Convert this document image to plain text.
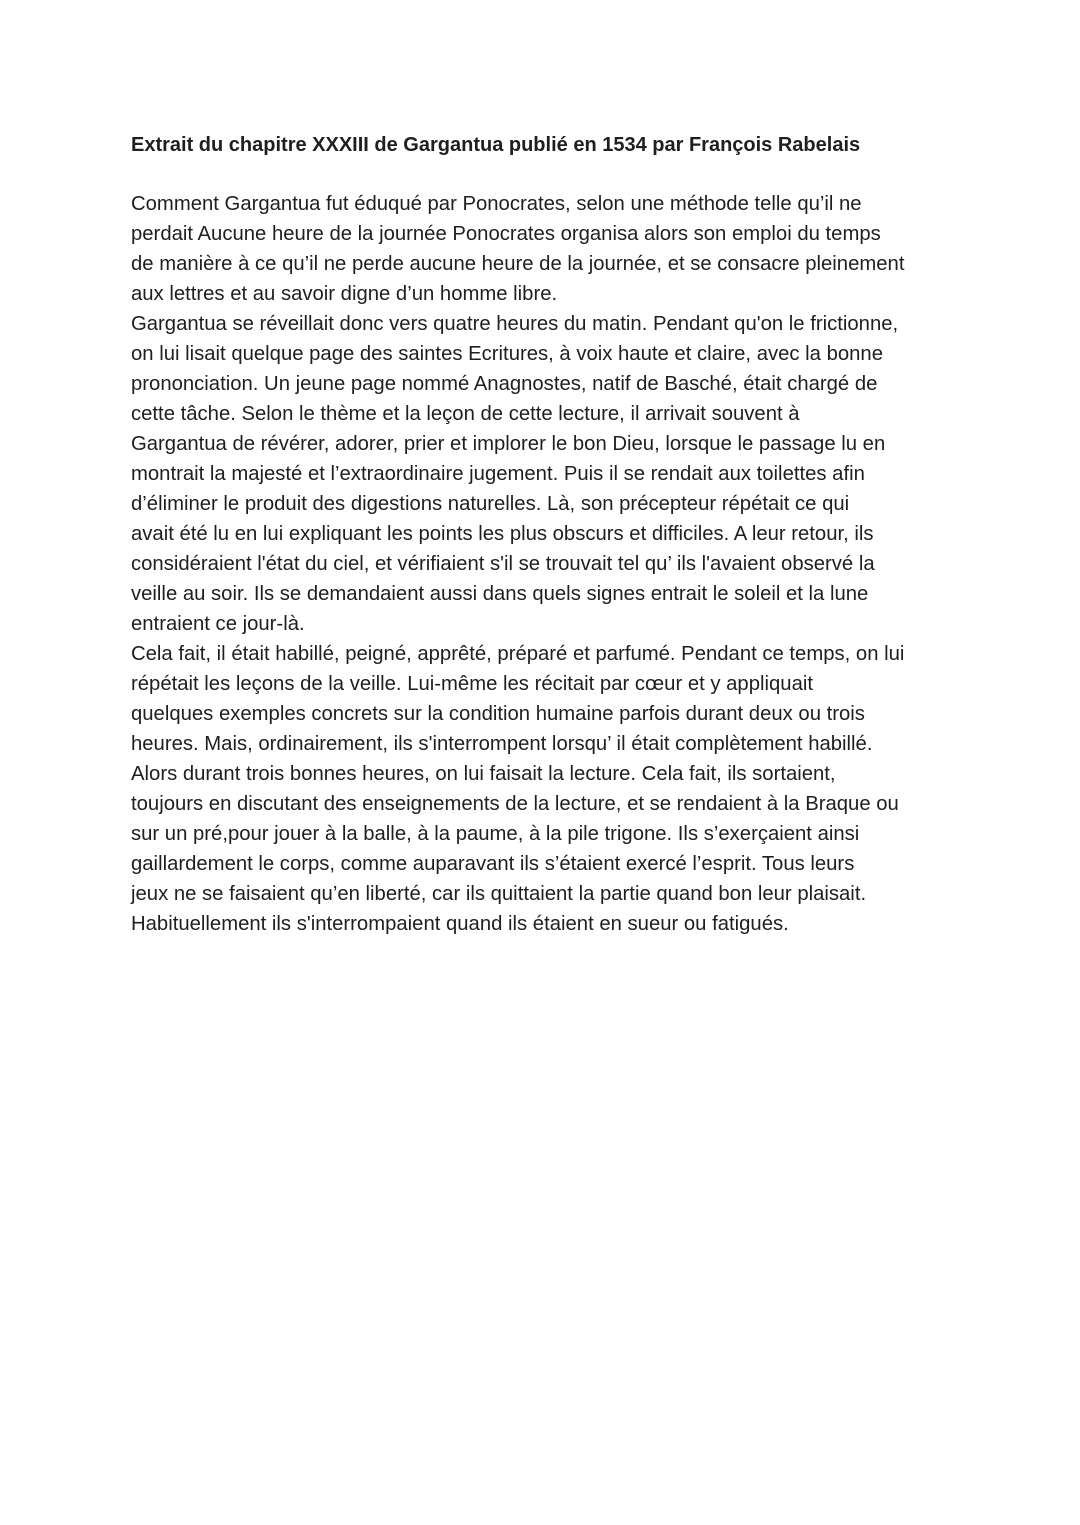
Extrait du chapitre XXXIII de Gargantua publié en 1534 par François Rabelais

Comment Gargantua fut éduqué par Ponocrates, selon une méthode telle qu’il ne
perdait Aucune heure de la journée Ponocrates organisa alors son emploi du temps
de manière à ce qu’il ne perde aucune heure de la journée, et se consacre pleinement
aux lettres et au savoir digne d’un homme libre.

Gargantua se réveillait donc vers quatre heures du matin. Pendant qu'on le frictionne,
on lui lisait quelque page des saintes Ecritures, à voix haute et claire, avec la bonne
prononciation. Un jeune page nommé Anagnostes, natif de Basché, était chargé de
cette tâche. Selon le thème et la leçon de cette lecture, il arrivait souvent à
Gargantua de révérer, adorer, prier et implorer le bon Dieu, lorsque le passage lu en
montrait la majesté et l’extraordinaire jugement. Puis il se rendait aux toilettes afin
d’éliminer le produit des digestions naturelles. Là, son précepteur répétait ce qui
avait été lu en lui expliquant les points les plus obscurs et difficiles. A leur retour, ils
considéraient l'état du ciel, et vérifiaient s'il se trouvait tel qu’ ils l'avaient observé la
veille au soir. Ils se demandaient aussi dans quels signes entrait le soleil et la lune
entraient ce jour-là.

Cela fait, il était habillé, peigné, apprêté, préparé et parfumé. Pendant ce temps, on lui
répétait les leçons de la veille. Lui-même les récitait par cœur et y appliquait
quelques exemples concrets sur la condition humaine parfois durant deux ou trois
heures. Mais, ordinairement, ils s'interrompent lorsqu’ il était complètement habillé.
Alors durant trois bonnes heures, on lui faisait la lecture. Cela fait, ils sortaient,
toujours en discutant des enseignements de la lecture, et se rendaient à la Braque ou
sur un pré,pour jouer à la balle, à la paume, à la pile trigone. Ils s’exerçaient ainsi
gaillardement le corps, comme auparavant ils s’étaient exercé l’esprit. Tous leurs
jeux ne se faisaient qu’en liberté, car ils quittaient la partie quand bon leur plaisait.
Habituellement ils s'interrompaient quand ils étaient en sueur ou fatigués.
